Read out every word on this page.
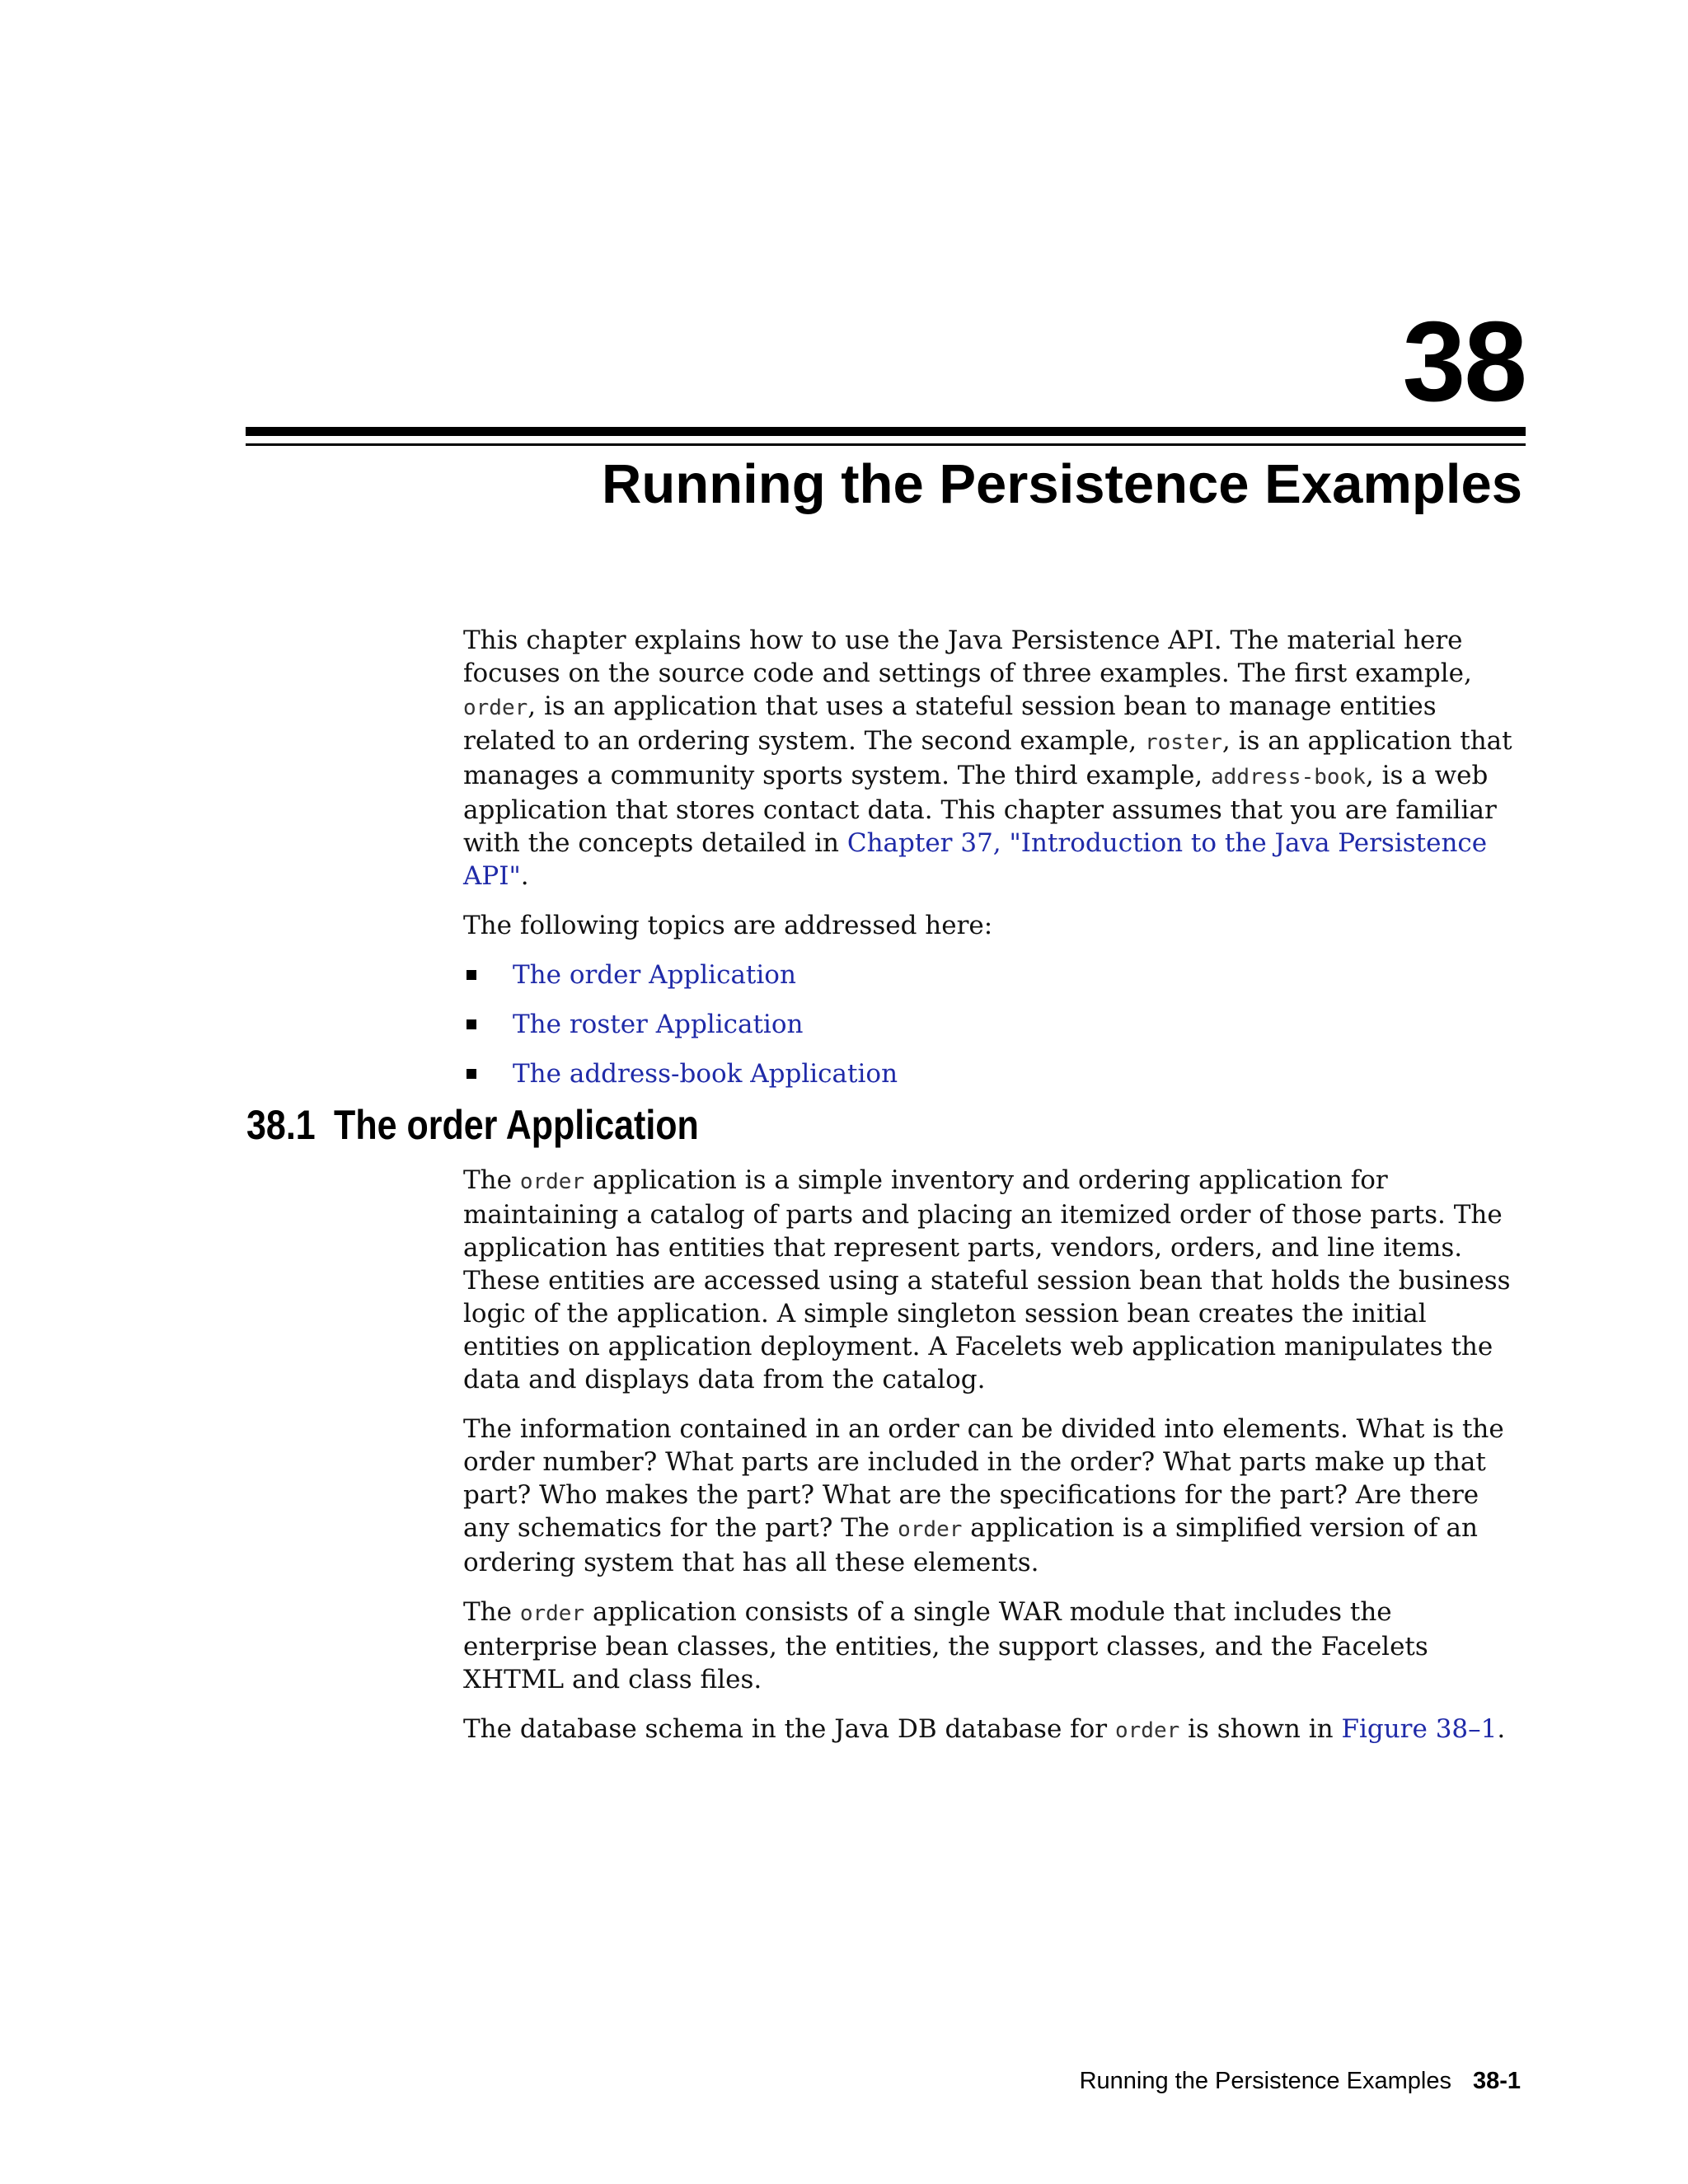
38
Running the Persistence Examples

This chapter explains how to use the Java Persistence API. The material here focuses on the source code and settings of three examples. The first example, order, is an application that uses a stateful session bean to manage entities related to an ordering system. The second example, roster, is an application that manages a community sports system. The third example, address-book, is a web application that stores contact data. This chapter assumes that you are familiar with the concepts detailed in Chapter 37, "Introduction to the Java Persistence API".

The following topics are addressed here:

The order Application
The roster Application
The address-book Application
38.1 The order Application

The order application is a simple inventory and ordering application for maintaining a catalog of parts and placing an itemized order of those parts. The application has entities that represent parts, vendors, orders, and line items. These entities are accessed using a stateful session bean that holds the business logic of the application. A simple singleton session bean creates the initial entities on application deployment. A Facelets web application manipulates the data and displays data from the catalog.

The information contained in an order can be divided into elements. What is the order number? What parts are included in the order? What parts make up that part? Who makes the part? What are the specifications for the part? Are there any schematics for the part? The order application is a simplified version of an ordering system that has all these elements.

The order application consists of a single WAR module that includes the enterprise bean classes, the entities, the support classes, and the Facelets XHTML and class files.

The database schema in the Java DB database for order is shown in Figure 38–1.

Running the Persistence Examples 38-1
